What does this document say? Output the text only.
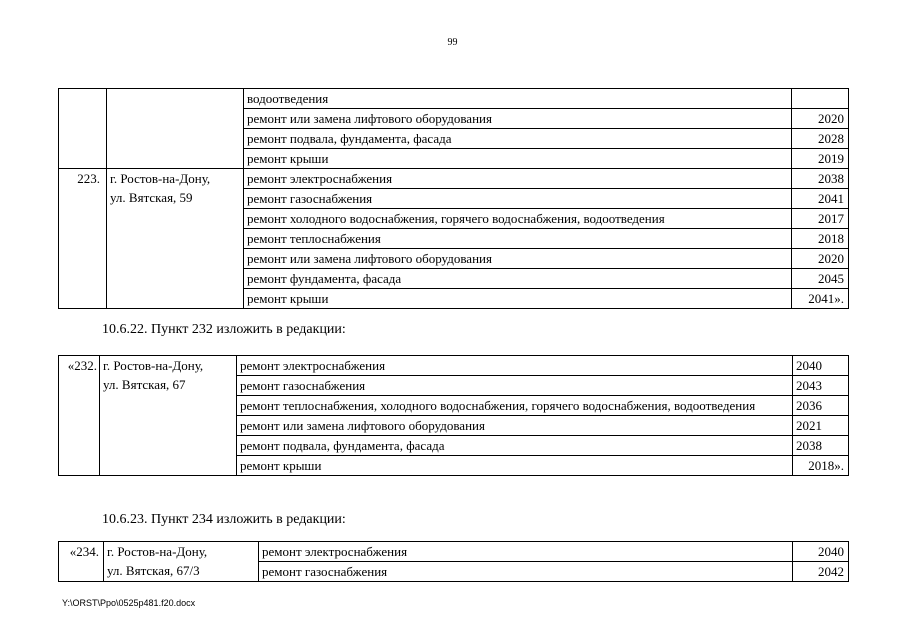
99
		водоотведения	
		ремонт или замена лифтового оборудования	2020
		ремонт подвала, фундамента, фасада	2028
		ремонт крыши	2019
223.	г. Ростов-на-Дону,
ул. Вятская, 59	ремонт электроснабжения	2038
		ремонт газоснабжения	2041
		ремонт холодного водоснабжения, горячего водоснабжения, водоотведения	2017
		ремонт теплоснабжения	2018
		ремонт или замена лифтового оборудования	2020
		ремонт фундамента, фасада	2045
		ремонт крыши	2041».
10.6.22. Пункт 232 изложить в редакции:
«232.	г. Ростов-на-Дону,
ул. Вятская, 67	ремонт электроснабжения	2040
		ремонт газоснабжения	2043
		ремонт теплоснабжения, холодного водоснабжения, горячего водоснабжения, водоотведения	2036
		ремонт или замена лифтового оборудования	2021
		ремонт подвала, фундамента, фасада	2038
		ремонт крыши	2018».
10.6.23. Пункт 234 изложить в редакции:
«234.	г. Ростов-на-Дону,
ул. Вятская, 67/3	ремонт электроснабжения	2040
		ремонт газоснабжения	2042
Y:\ORST\Ppo\0525p481.f20.docx
